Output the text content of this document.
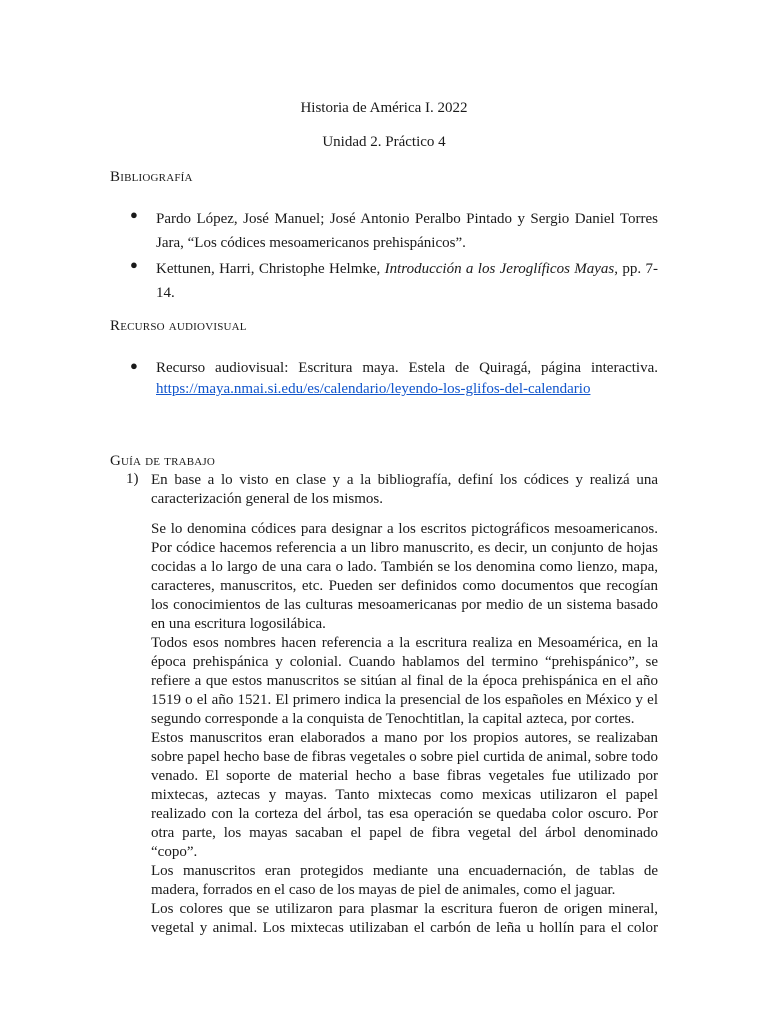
Historia de América I. 2022
Unidad 2. Práctico 4
Bibliografía
● Pardo López, José Manuel; José Antonio Peralbo Pintado y Sergio Daniel Torres Jara, “Los códices mesoamericanos prehispánicos”.
● Kettunen, Harri, Christophe Helmke, Introducción a los Jeroglíficos Mayas, pp. 7-14.
Recurso audiovisual
● Recurso audiovisual: Escritura maya. Estela de Quiragá, página interactiva. https://maya.nmai.si.edu/es/calendario/leyendo-los-glifos-del-calendario
Guía de trabajo
1) En base a lo visto en clase y a la bibliografía, definí los códices y realizá una caracterización general de los mismos.

Se lo denomina códices para designar a los escritos pictográficos mesoamericanos. Por códice hacemos referencia a un libro manuscrito, es decir, un conjunto de hojas cocidas a lo largo de una cara o lado. También se los denomina como lienzo, mapa, caracteres, manuscritos, etc. Pueden ser definidos como documentos que recogían los conocimientos de las culturas mesoamericanas por medio de un sistema basado en una escritura logosilábica.

Todos esos nombres hacen referencia a la escritura realiza en Mesoamérica, en la época prehispánica y colonial. Cuando hablamos del termino “prehispánico”, se refiere a que estos manuscritos se sitúan al final de la época prehispánica en el año 1519 o el año 1521. El primero indica la presencial de los españoles en México y el segundo corresponde a la conquista de Tenochtitlan, la capital azteca, por cortes.

Estos manuscritos eran elaborados a mano por los propios autores, se realizaban sobre papel hecho base de fibras vegetales o sobre piel curtida de animal, sobre todo venado. El soporte de material hecho a base fibras vegetales fue utilizado por mixtecas, aztecas y mayas. Tanto mixtecas como mexicas utilizaron el papel realizado con la corteza del árbol, tas esa operación se quedaba color oscuro. Por otra parte, los mayas sacaban el papel de fibra vegetal del árbol denominado “copo”.

Los manuscritos eran protegidos mediante una encuadernación, de tablas de madera, forrados en el caso de los mayas de piel de animales, como el jaguar.

Los colores que se utilizaron para plasmar la escritura fueron de origen mineral, vegetal y animal. Los mixtecas utilizaban el carbón de leña u hollín para el color
